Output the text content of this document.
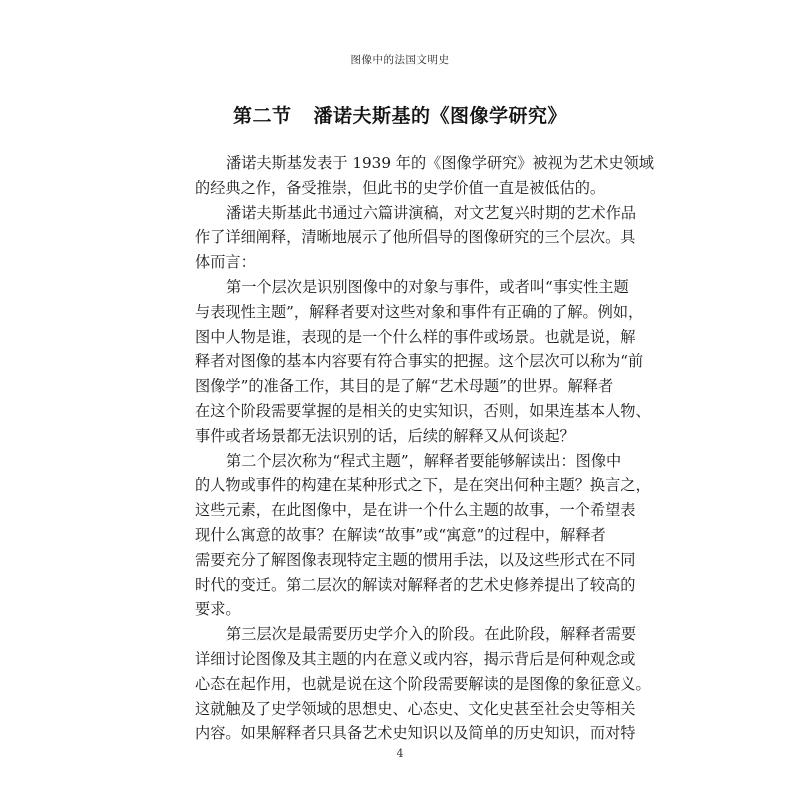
图像中的法国文明史
第二节 潘诺夫斯基的《图像学研究》
潘诺夫斯基发表于 1939 年的《图像学研究》被视为艺术史领域
的经典之作，备受推崇，但此书的史学价值一直是被低估的。
潘诺夫斯基此书通过六篇讲演稿，对文艺复兴时期的艺术作品
作了详细阐释，清晰地展示了他所倡导的图像研究的三个层次。具
体而言：
第一个层次是识别图像中的对象与事件，或者叫“事实性主题
与表现性主题”，解释者要对这些对象和事件有正确的了解。例如，
图中人物是谁，表现的是一个什么样的事件或场景。也就是说，解
释者对图像的基本内容要有符合事实的把握。这个层次可以称为“前
图像学”的准备工作，其目的是了解“艺术母题”的世界。解释者
在这个阶段需要掌握的是相关的史实知识，否则，如果连基本人物、
事件或者场景都无法识别的话，后续的解释又从何谈起？
第二个层次称为“程式主题”，解释者要能够解读出：图像中
的人物或事件的构建在某种形式之下，是在突出何种主题？换言之，
这些元素，在此图像中，是在讲一个什么主题的故事，一个希望表
现什么寓意的故事？在解读“故事”或“寓意”的过程中，解释者
需要充分了解图像表现特定主题的惯用手法，以及这些形式在不同
时代的变迁。第二层次的解读对解释者的艺术史修养提出了较高的
要求。
第三层次是最需要历史学介入的阶段。在此阶段，解释者需要
详细讨论图像及其主题的内在意义或内容，揭示背后是何种观念或
心态在起作用，也就是说在这个阶段需要解读的是图像的象征意义。
这就触及了史学领域的思想史、心态史、文化史甚至社会史等相关
内容。如果解释者只具备艺术史知识以及简单的历史知识，而对特
4
